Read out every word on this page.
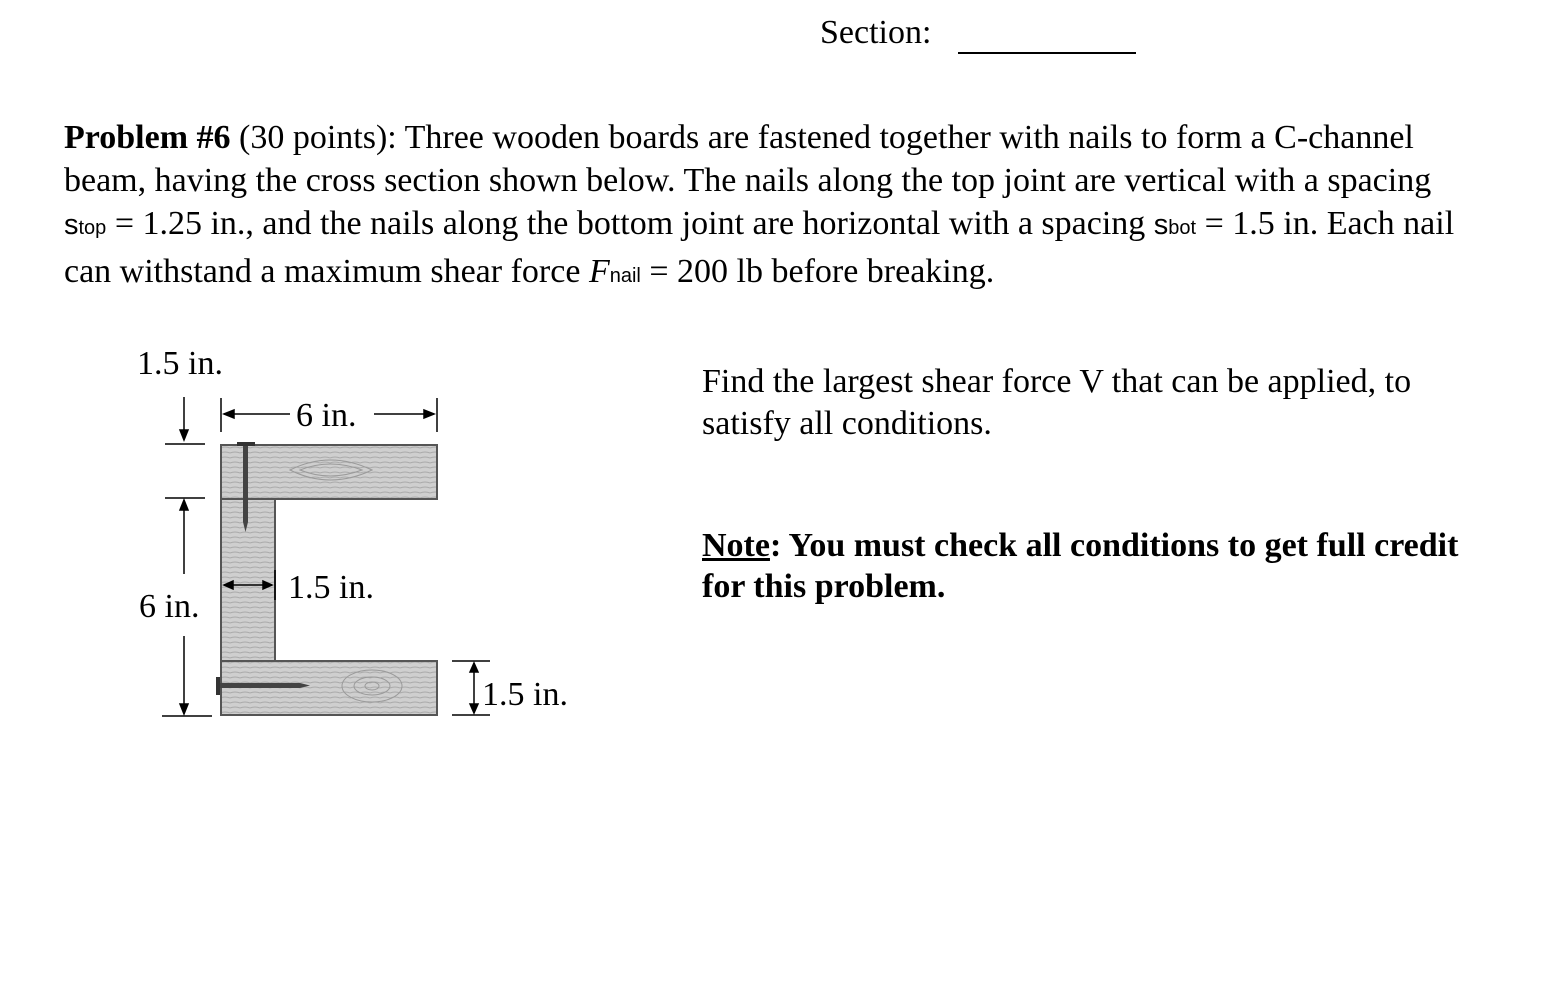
Section:
Problem #6 (30 points): Three wooden boards are fastened together with nails to form a C-channel beam, having the cross section shown below. The nails along the top joint are vertical with a spacing stop = 1.25 in., and the nails along the bottom joint are horizontal with a spacing sbot = 1.5 in. Each nail can withstand a maximum shear force Fnail = 200 lb before breaking.
Find the largest shear force V that can be applied, to satisfy all conditions.
Note: You must check all conditions to get full credit for this problem.
1.5 in.
6 in.
1.5 in.
6 in.
1.5 in.
